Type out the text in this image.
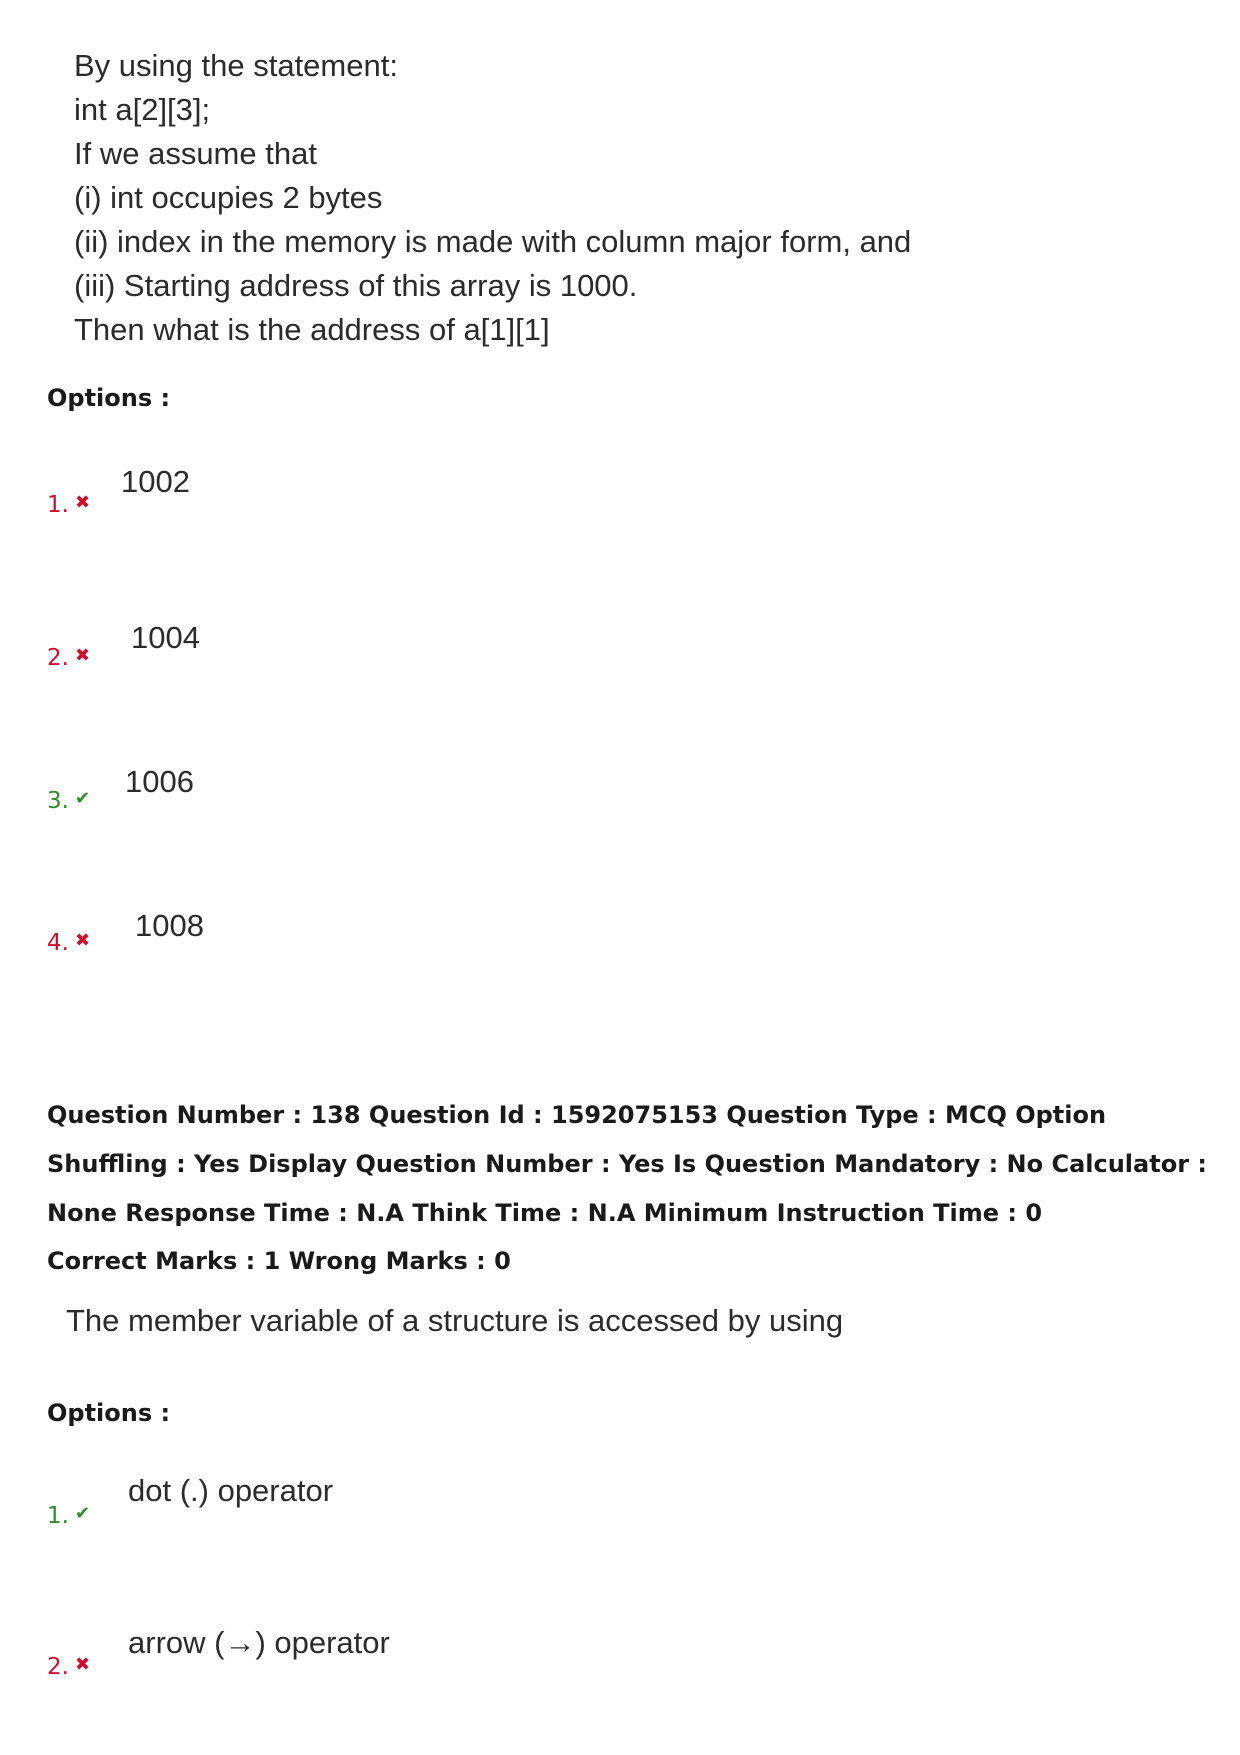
By using the statement:
int a[2][3];
If we assume that
(i) int occupies 2 bytes
(ii) index in the memory is made with column major form, and
(iii) Starting address of this array is 1000.
Then what is the address of a[1][1]
Options :
1. ✖
1002
2. ✖
1004
3. ✔ 1006
4. ✖ 1008
Question Number : 138 Question Id : 1592075153 Question Type : MCQ Option Shuffling : Yes Display Question Number : Yes Is Question Mandatory : No Calculator : None Response Time : N.A Think Time : N.A Minimum Instruction Time : 0
Correct Marks : 1 Wrong Marks : 0
The member variable of a structure is accessed by using
Options :
1. ✔
dot (.) operator
2. ✖
arrow (→) operator
